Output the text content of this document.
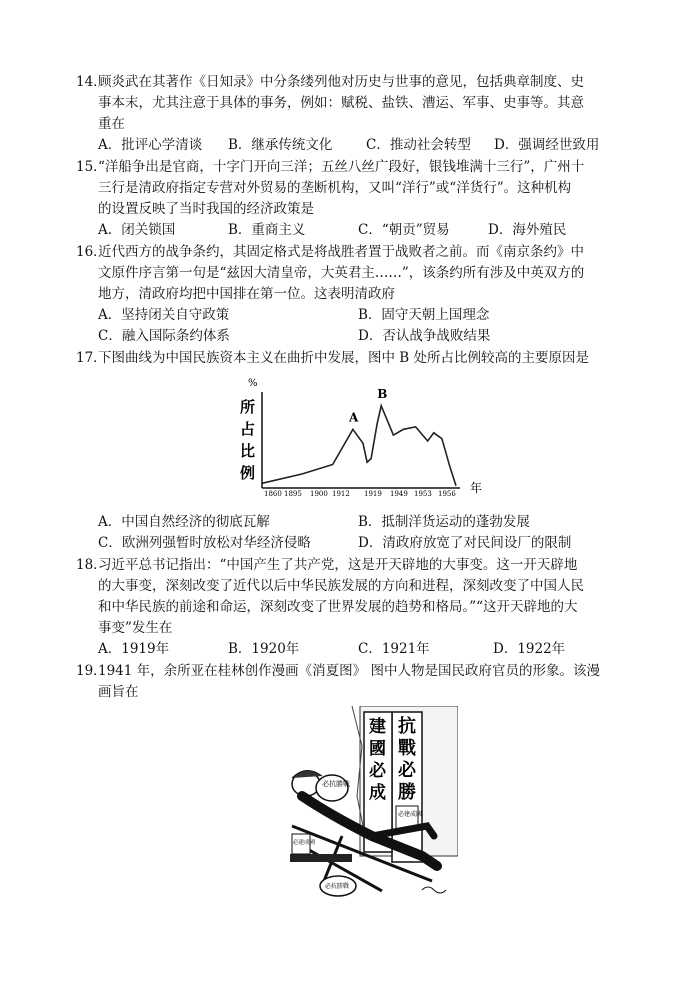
14．顾炎武在其著作《日知录》中分条缕列他对历史与世事的意见，包括典章制度、史

事本末，尤其注意于具体的事务，例如：赋税、盐铁、漕运、军事、史事等。其意

重在

A．批评心学清谈	B．继承传统文化	C．推动社会转型	D．强调经世致用

15．“洋船争出是官商，十字门开向三洋；五丝八丝广段好，银钱堆满十三行”，广州十

三行是清政府指定专营对外贸易的垄断机构，又叫“洋行”或“洋货行”。这种机构

的设置反映了当时我国的经济政策是

A．闭关锁国	B．重商主义	C．“朝贡”贸易	D．海外殖民

16．近代西方的战争条约，其固定格式是将战胜者置于战败者之前。而《南京条约》中

文原件序言第一句是“兹因大清皇帝，大英君主……”，该条约所有涉及中英双方的

地方，清政府均把中国排在第一位。这表明清政府

A．坚持闭关自守政策	B．固守天朝上国理念
C．融入国际条约体系	D．否认战争战败结果

17．下图曲线为中国民族资本主义在曲折中发展，图中 B 处所占比例较高的主要原因是

%
所
占
比
例
1860 1895 1900 1912 1919 1949 1953 1956
A
B
年
A．中国自然经济的彻底瓦解	B．抵制洋货运动的蓬勃发展
C．欧洲列强暂时放松对华经济侵略	D．清政府放宽了对民间设厂的限制

18．习近平总书记指出：“中国产生了共产党，这是开天辟地的大事变。这一开天辟地

的大事变，深刻改变了近代以后中华民族发展的方向和进程，深刻改变了中国人民

和中华民族的前途和命运，深刻改变了世界发展的趋势和格局。”“这开天辟地的大

事变”发生在

A．1919年	B．1920年	C．1921年	D．1922年

19．1941 年，余所亚在桂林创作漫画《消夏图》 图中人物是国民政府官员的形象。该漫

画旨在

抗
戰
必
勝
建
國
必
成
必建成國
必抗勝戰
必建成國
必抗勝戰
